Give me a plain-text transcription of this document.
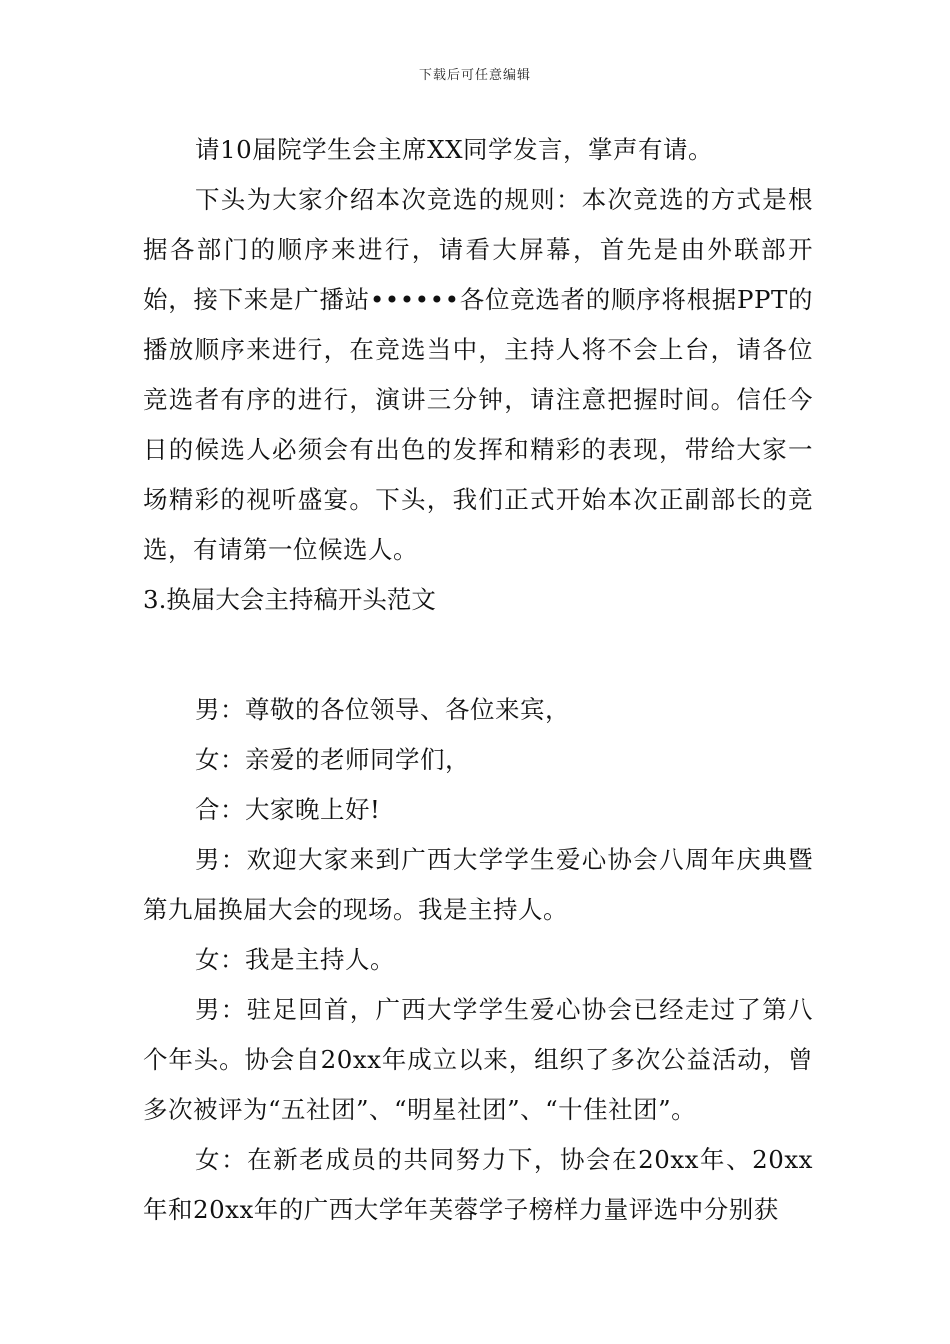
下载后可任意编辑

请10届院学生会主席XX同学发言，掌声有请。

下头为大家介绍本次竞选的规则：本次竞选的方式是根据各部门的顺序来进行，请看大屏幕，首先是由外联部开始，接下来是广播站••••••各位竞选者的顺序将根据PPT的播放顺序来进行，在竞选当中，主持人将不会上台，请各位竞选者有序的进行，演讲三分钟，请注意把握时间。信任今日的候选人必须会有出色的发挥和精彩的表现，带给大家一场精彩的视听盛宴。下头，我们正式开始本次正副部长的竞选，有请第一位候选人。

3.换届大会主持稿开头范文

男：尊敬的各位领导、各位来宾，

女：亲爱的老师同学们，

合：大家晚上好!

男：欢迎大家来到广西大学学生爱心协会八周年庆典暨第九届换届大会的现场。我是主持人。

女：我是主持人。

男：驻足回首，广西大学学生爱心协会已经走过了第八个年头。协会自20xx年成立以来，组织了多次公益活动，曾多次被评为“五社团”、“明星社团”、“十佳社团”。

女：在新老成员的共同努力下，协会在20xx年、20xx年和20xx年的广西大学年芙蓉学子榜样力量评选中分别获
